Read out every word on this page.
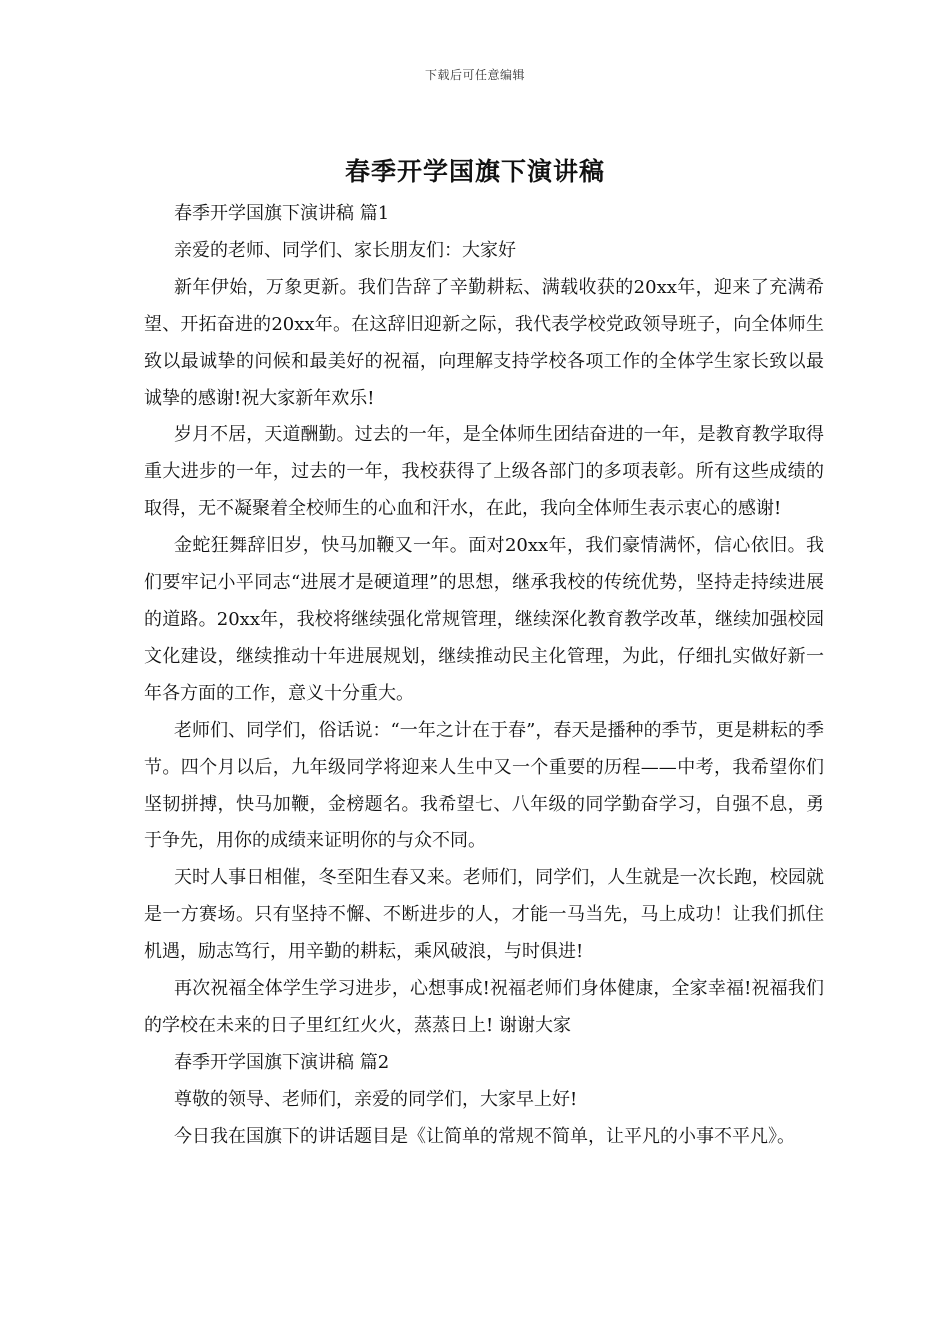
下载后可任意编辑
春季开学国旗下演讲稿

春季开学国旗下演讲稿 篇1

亲爱的老师、同学们、家长朋友们：大家好

新年伊始，万象更新。我们告辞了辛勤耕耘、满载收获的20xx年，迎来了充满希望、开拓奋进的20xx年。在这辞旧迎新之际，我代表学校党政领导班子，向全体师生致以最诚挚的问候和最美好的祝福，向理解支持学校各项工作的全体学生家长致以最诚挚的感谢!祝大家新年欢乐!

岁月不居，天道酬勤。过去的一年，是全体师生团结奋进的一年，是教育教学取得重大进步的一年，过去的一年，我校获得了上级各部门的多项表彰。所有这些成绩的取得，无不凝聚着全校师生的心血和汗水，在此，我向全体师生表示衷心的感谢!

金蛇狂舞辞旧岁，快马加鞭又一年。面对20xx年，我们豪情满怀，信心依旧。我们要牢记小平同志“进展才是硬道理”的思想，继承我校的传统优势，坚持走持续进展的道路。20xx年，我校将继续强化常规管理，继续深化教育教学改革，继续加强校园文化建设，继续推动十年进展规划，继续推动民主化管理，为此，仔细扎实做好新一年各方面的工作，意义十分重大。

老师们、同学们，俗话说：“一年之计在于春”，春天是播种的季节，更是耕耘的季节。四个月以后，九年级同学将迎来人生中又一个重要的历程——中考，我希望你们坚韧拼搏，快马加鞭，金榜题名。我希望七、八年级的同学勤奋学习，自强不息，勇于争先，用你的成绩来证明你的与众不同。

天时人事日相催，冬至阳生春又来。老师们，同学们，人生就是一次长跑，校园就是一方赛场。只有坚持不懈、不断进步的人，才能一马当先，马上成功！让我们抓住机遇，励志笃行，用辛勤的耕耘，乘风破浪，与时俱进!

再次祝福全体学生学习进步，心想事成!祝福老师们身体健康，全家幸福!祝福我们的学校在未来的日子里红红火火，蒸蒸日上! 谢谢大家

春季开学国旗下演讲稿 篇2

尊敬的领导、老师们，亲爱的同学们，大家早上好!

今日我在国旗下的讲话题目是《让简单的常规不简单，让平凡的小事不平凡》。
